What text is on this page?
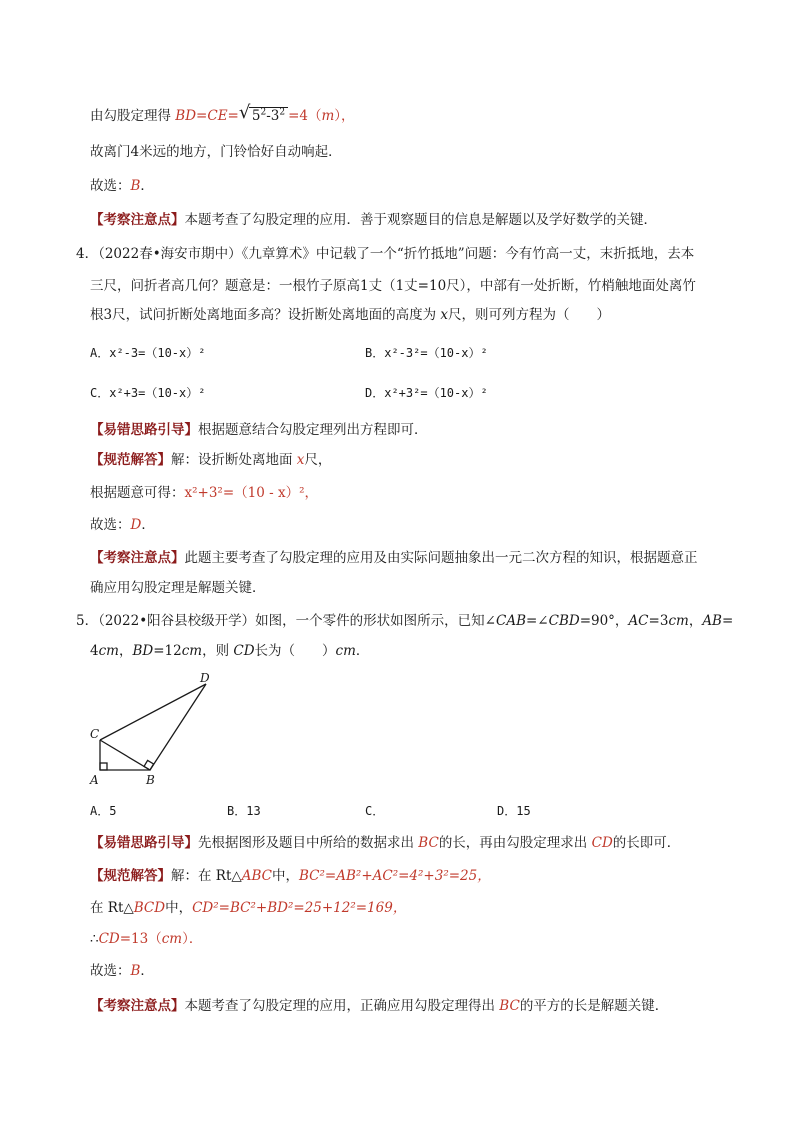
由勾股定理得 BD=CE= √ $5^2-3^2 =4(m)$，
故离门4米远的地方，门铃恰好自动响起．
故选：B．
【考察注意点】本题考查了勾股定理的应用．善于观察题目的信息是解题以及学好数学的关键．
4．（2022春•海安市期中）《九章算术》中记载了一个“折竹抵地”问题：今有竹高一丈，末折抵地，去本
三尺，问折者高几何？题意是：一根竹子原高1丈（1丈=10尺），中部有一处折断，竹梢触地面处离竹
根3尺，试问折断处离地面多高？设折断处离地面的高度为 x尺，则可列方程为（　　）
A．x²-3=（10-x）²	B．x²-3²=（10-x）²
C．x²+3=（10-x）²	D．x²+3²=（10-x）²
【易错思路引导】根据题意结合勾股定理列出方程即可．
【规范解答】解：设折断处离地面 x尺，
根据题意可得：x²+3²=（10 - x）²，
故选：D．
【考察注意点】此题主要考查了勾股定理的应用及由实际问题抽象出一元二次方程的知识，根据题意正
确应用勾股定理是解题关键．
5．（2022•阳谷县校级开学）如图，一个零件的形状如图所示，已知∠CAB=∠CBD=90°，AC=3cm，AB=
4cm，BD=12cm，则 CD长为（　　）cm．
D
C
A	B
A．5	B．13	C．	D．15
【易错思路引导】先根据图形及题目中所给的数据求出 BC的长，再由勾股定理求出 CD的长即可．
【规范解答】解：在 Rt△ABC中，BC²=AB²+AC²=4²+3²=25，
在 Rt△BCD中，CD²=BC²+BD²=25+12²=169，
∴CD=13（cm）．
故选：B．
【考察注意点】本题考查了勾股定理的应用，正确应用勾股定理得出 BC的平方的长是解题关键．
